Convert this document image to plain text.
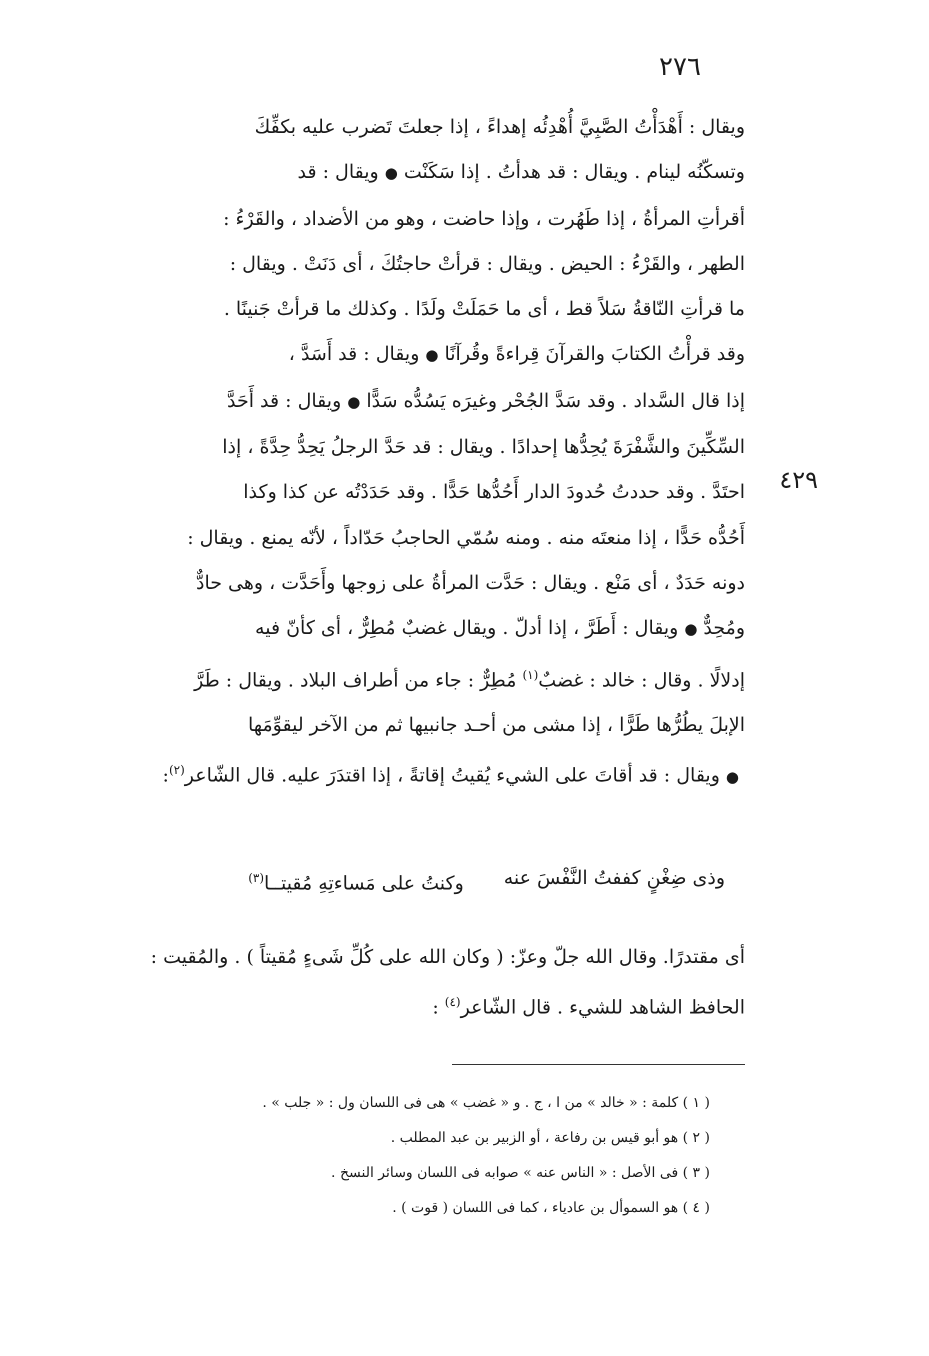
٢٧٦
٤٢٩

ويقال : أَهْدَأْتُ الصَّبِيَّ أُهْدِئُه إهداءً ، إذا جعلتَ تَضرب عليه بكفِّكَ

وتسكّنُه لينام . ويقال : قد هدأتُ . إذا سَكَنْت●ويقال : قد

أقرأتِ المرأةُ ، إذا طَهُرت ، وإذا حاضت ، وهو من الأضداد ، والقَرْءُ :

الطهر ، والقَرْءُ : الحيض . ويقال : قرأتْ حاجتُكَ ، أى دَنَتْ . ويقال :

ما قرأتِ النّاقةُ سَلاً قط ، أى ما حَمَلَتْ ولَدًا . وكذلك ما قرأتْ جَنينًا .

وقد قرأْتُ الكتابَ والقرآنَ قِراءةً وقُرآنًا●ويقال : قد أَسَدَّ ،

إذا قال السَّداد . وقد سَدَّ الجُحْر وغيرَه يَسُدُّه سَدًّا●ويقال : قد أَحَدَّ

السِّكِّينَ والشَّفْرَةَ يُحِدُّها إحدادًا . ويقال : قد حَدَّ الرجلُ يَحِدُّ حِدَّةً ، إذا

احتَدَّ . وقد حددتُ حُدودَ الدار أَحُدُّها حَدًّا . وقد حَدَدْتُه عن كذا وكذا

أَحُدُّه حَدًّا ، إذا منعتَه منه . ومنه سُمّي الحاجبُ حَدّاداً ، لأنّه يمنع . ويقال :

دونه حَدَدٌ ، أى مَنْع . ويقال : حَدَّت المرأةُ على زوجها وأَحَدَّت ، وهى حادٌّ

ومُحِدٌّ●ويقال : أَطَرَّ ، إذا أدلّ . ويقال غضبٌ مُطِرٌّ ، أى كأنّ فيه

إدلالًا . وقال : خالد : غضبٌ$^{(١)}$ مُطِرٌّ : جاء من أطراف البلاد . ويقال : طَرَّ

الإبلَ يطُرُّها طَرًّا ، إذا مشى من أحـد جانبيها ثم من الآخر ليقوِّمَها

●ويقال : قد أقاتَ على الشيء يُقيتُ إقاتةً ، إذا اقتدَرَ عليه. قال الشّاعر$^{(٢)}$:

وذى ضِغْنٍ كففتُ النَّفْسَ عنه
وكنتُ على مَساءتِهِ مُقيتــا$^{(٣)}$
أى مقتدرًا. وقال الله جلّ وعزّ: ( وكان الله على كُلِّ شَىءٍ مُقيتاً ) . والمُقيت :
الحافظ الشاهد للشيء . قال الشّاعر$^{(٤)}$ :
( ١ ) كلمة : « خالد » من ا ، ج . و « غضب » هى فى اللسان ول : « جلب » .
( ٢ ) هو أبو قيس بن رفاعة ، أو الزبير بن عبد المطلب .
( ٣ ) فى الأصل : « الناس عنه » صوابه فى اللسان وسائر النسخ .
( ٤ ) هو السموأل بن عادياء ، كما فى اللسان ( قوت ) .
